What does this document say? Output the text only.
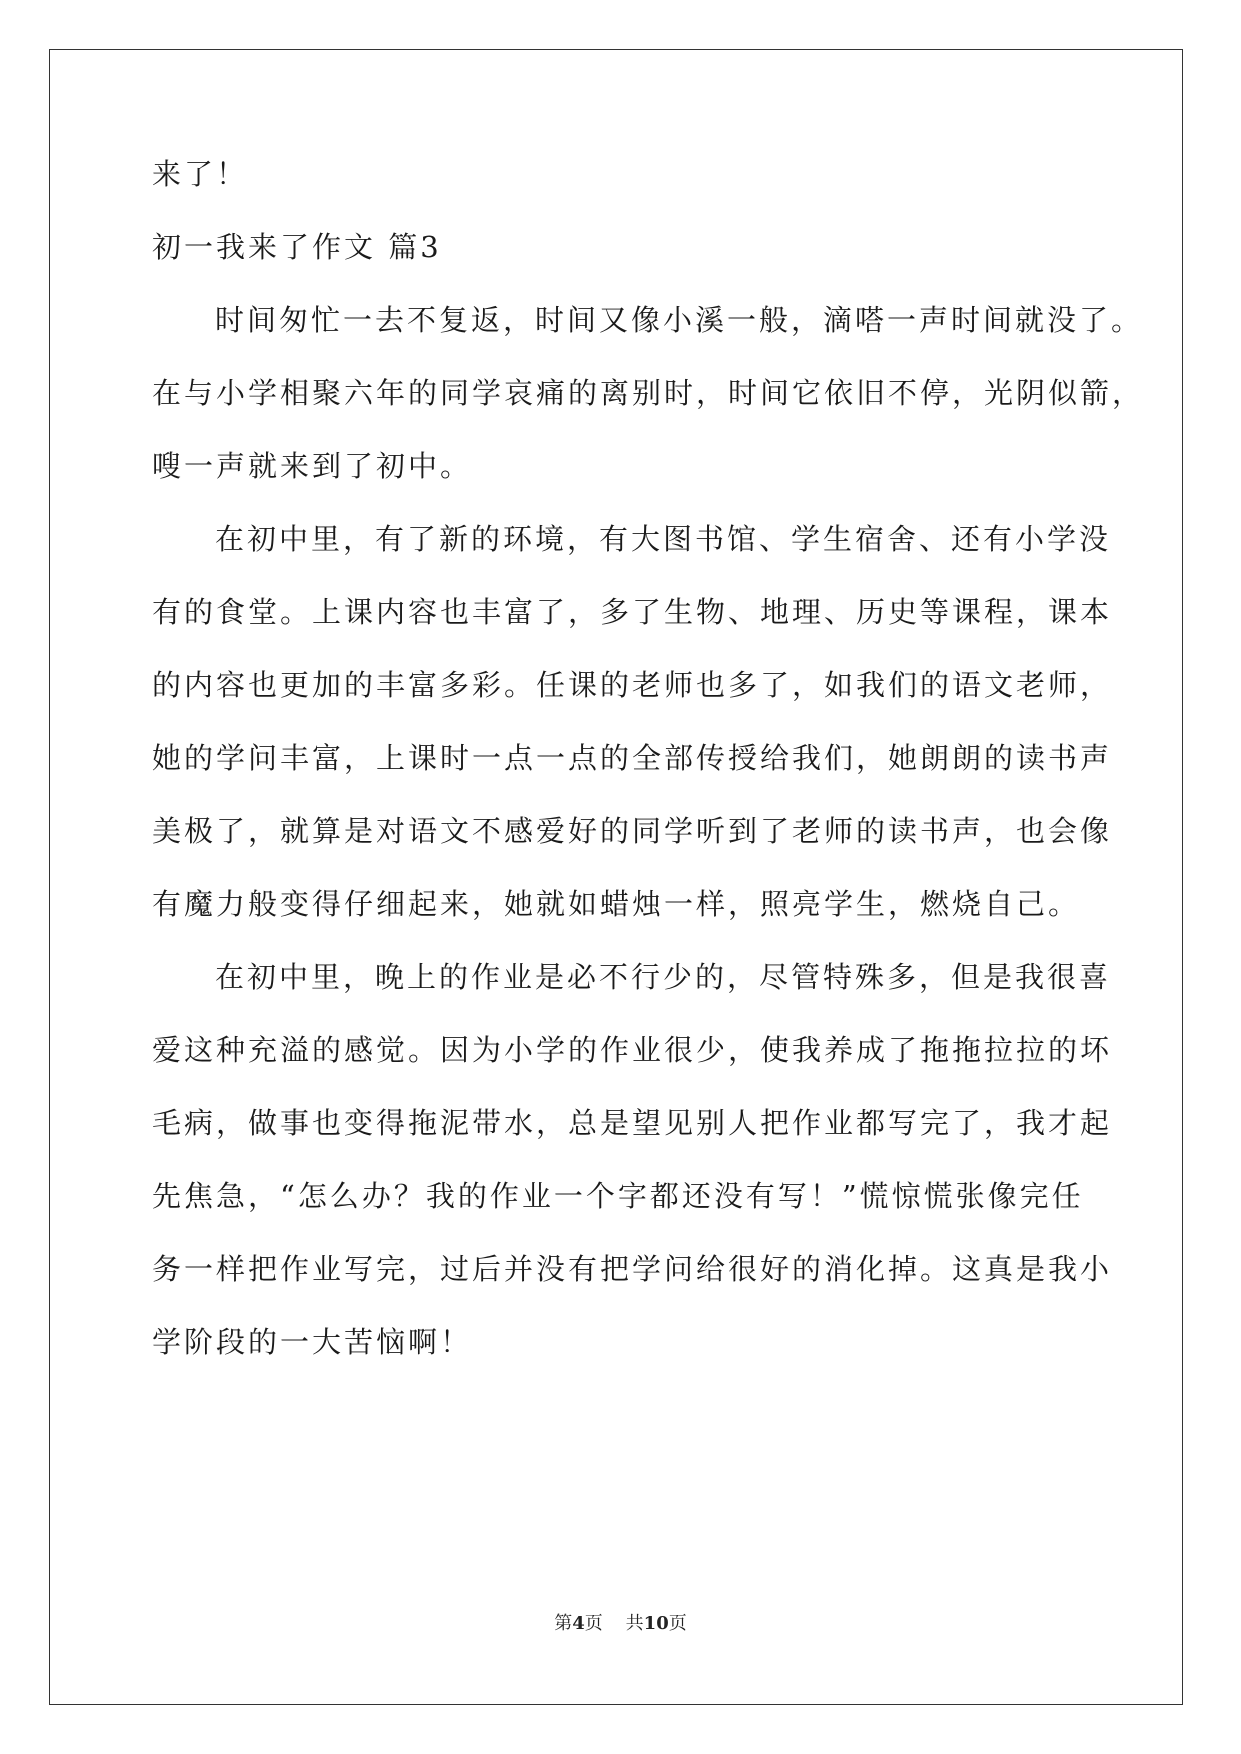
来了！
初一我来了作文 篇3
时间匆忙一去不复返，时间又像小溪一般，滴嗒一声时间就没了。
在与小学相聚六年的同学哀痛的离别时，时间它依旧不停，光阴似箭，
嗖一声就来到了初中。
在初中里，有了新的环境，有大图书馆、学生宿舍、还有小学没
有的食堂。上课内容也丰富了，多了生物、地理、历史等课程，课本
的内容也更加的丰富多彩。任课的老师也多了，如我们的语文老师，
她的学问丰富，上课时一点一点的全部传授给我们，她朗朗的读书声
美极了，就算是对语文不感爱好的同学听到了老师的读书声，也会像
有魔力般变得仔细起来，她就如蜡烛一样，照亮学生，燃烧自己。
在初中里，晚上的作业是必不行少的，尽管特殊多，但是我很喜
爱这种充溢的感觉。因为小学的作业很少，使我养成了拖拖拉拉的坏
毛病，做事也变得拖泥带水，总是望见别人把作业都写完了，我才起
先焦急，“怎么办？我的作业一个字都还没有写！”慌惊慌张像完任
务一样把作业写完，过后并没有把学问给很好的消化掉。这真是我小
学阶段的一大苦恼啊！
第4页 共10页
